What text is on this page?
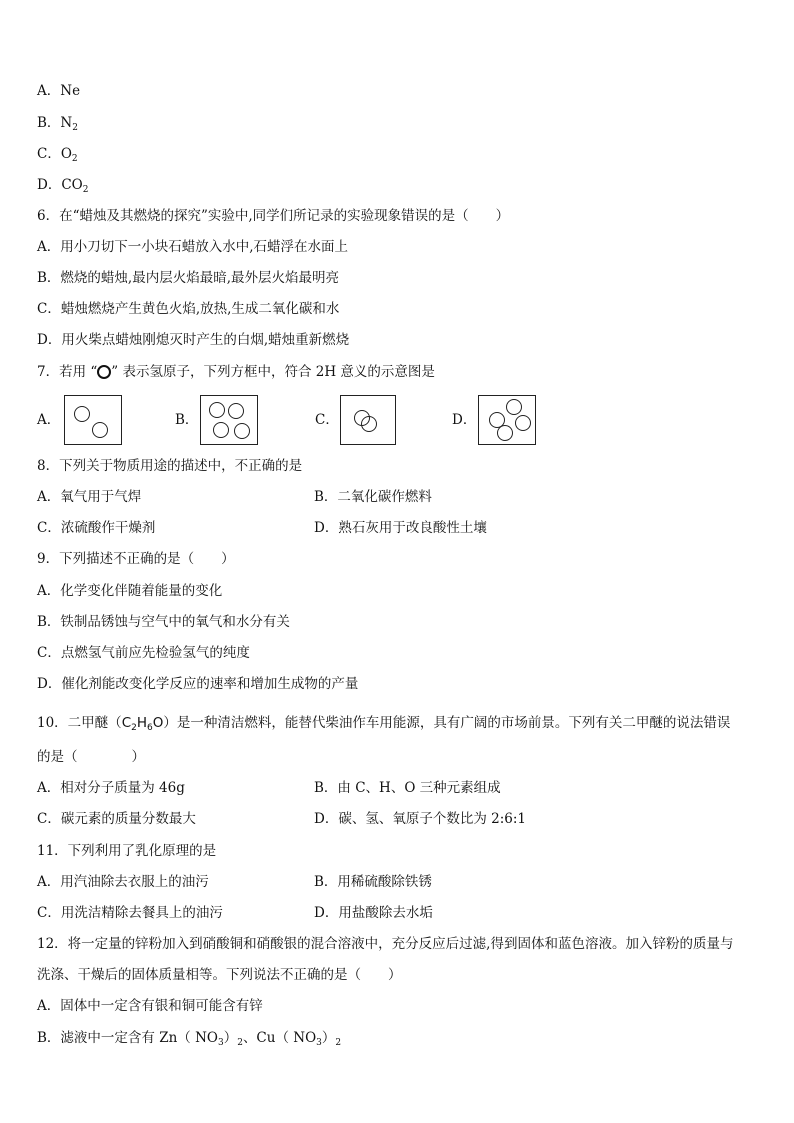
A．Ne
B．$N_2$
C．$O_2$
D．$CO_2$
6．在“蜡烛及其燃烧的探究”实验中,同学们所记录的实验现象错误的是（　　）
A．用小刀切下一小块石蜡放入水中,石蜡浮在水面上
B．燃烧的蜡烛,最内层火焰最暗,最外层火焰最明亮
C．蜡烛燃烧产生黄色火焰,放热,生成二氧化碳和水
D．用火柴点蜡烛刚熄灭时产生的白烟,蜡烛重新燃烧
7．若用 “ ” 表示氢原子，下列方框中，符合 2H 意义的示意图是
A．	B．	C．	D．
8．下列关于物质用途的描述中，不正确的是
A．氧气用于气焊	B．二氧化碳作燃料
C．浓硫酸作干燥剂	D．熟石灰用于改良酸性土壤
9．下列描述不正确的是（　　）
A．化学变化伴随着能量的变化
B．铁制品锈蚀与空气中的氧气和水分有关
C．点燃氢气前应先检验氢气的纯度
D．催化剂能改变化学反应的速率和增加生成物的产量
10．二甲醚$(C_2H_6O)$是一种清洁燃料，能替代柴油作车用能源，具有广阔的市场前景。下列有关二甲醚的说法错误
的是（　　　　）
A．相对分子质量为 46g	B．由 C、H、O 三种元素组成
C．碳元素的质量分数最大	D．碳、氢、氧原子个数比为 2:6:1
11．下列利用了乳化原理的是
A．用汽油除去衣服上的油污	B．用稀硫酸除铁锈
C．用洗洁精除去餐具上的油污	D．用盐酸除去水垢
12．将一定量的锌粉加入到硝酸铜和硝酸银的混合溶液中，充分反应后过滤,得到固体和蓝色溶液。加入锌粉的质量与
洗涤、干燥后的固体质量相等。下列说法不正确的是（　　）
A．固体中一定含有银和铜可能含有锌
B．滤液中一定含有 Zn（ $NO_3)_2$、Cu（ $NO_3)_2$
